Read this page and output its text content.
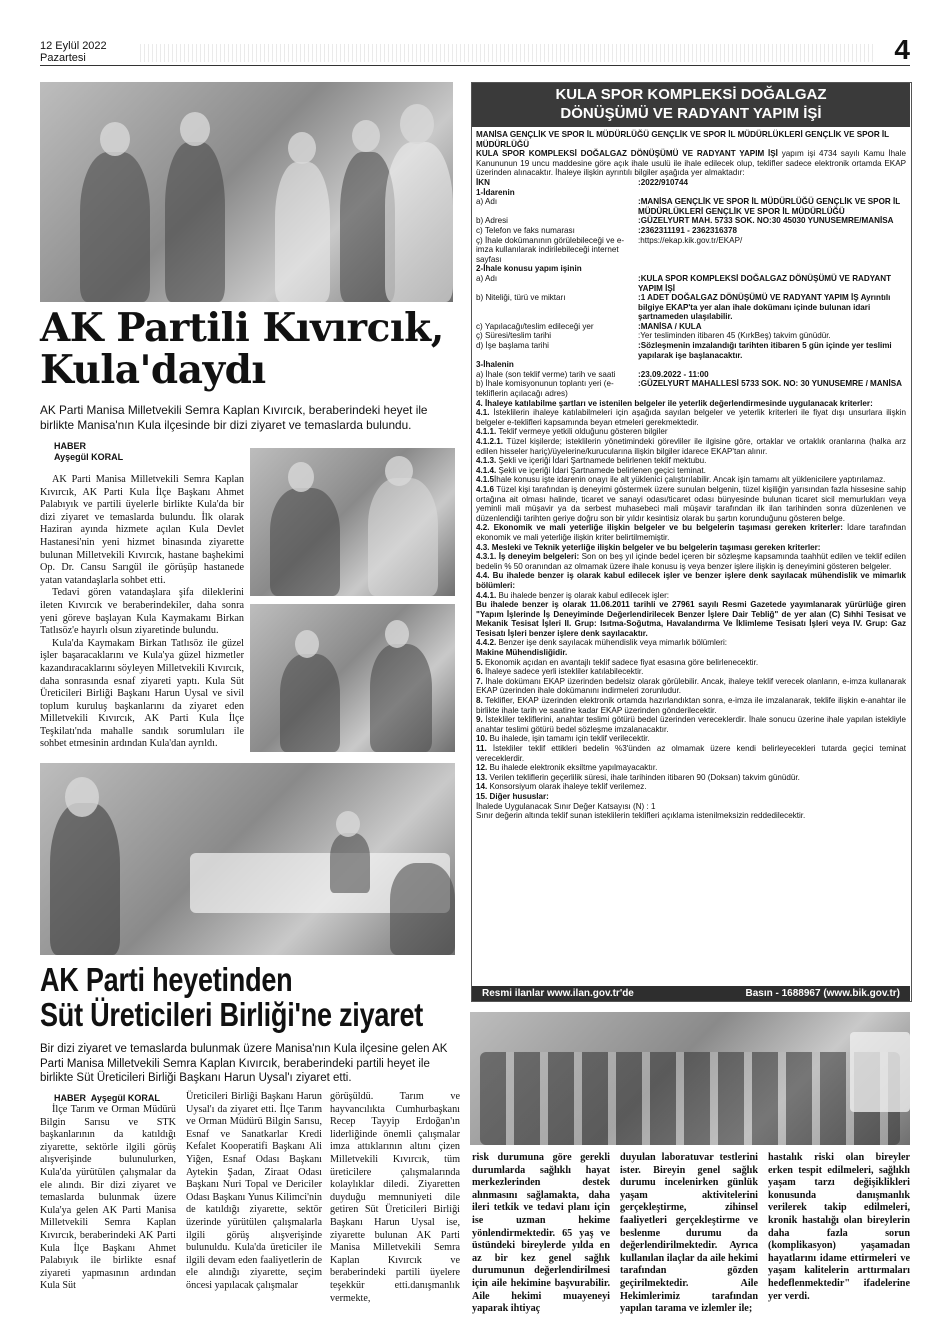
12 Eylül 2022
Pazartesi	4
AK Partili Kıvırcık,
Kula'daydı
AK Parti Manisa Milletvekili Semra Kaplan Kıvırcık, beraberindeki heyet ile birlikte Manisa'nın Kula ilçesinde bir dizi ziyaret ve temaslarda bulundu.
HABER
Ayşegül KORAL

AK Parti Manisa Milletvekili Semra Kaplan Kıvırcık, AK Parti Kula İlçe Başkanı Ahmet Palabıyık ve partili üyelerle birlikte Kula'da bir dizi ziyaret ve temaslarda bulundu. İlk olarak Haziran ayında hizmete açılan Kula Devlet Hastanesi'nin yeni hizmet binasında ziyarette bulunan Milletvekili Kıvırcık, hastane başhekimi Op. Dr. Cansu Sarıgül ile görüşüp hastanede yatan vatandaşlarla sohbet etti.

Tedavi gören vatandaşlara şifa dileklerini ileten Kıvırcık ve beraberindekiler, daha sonra yeni göreve başlayan Kula Kaymakamı Birkan Tatlısöz'e hayırlı olsun ziyaretinde bulundu.

Kula'da Kaymakam Birkan Tatlısöz ile güzel işler başaracaklarını ve Kula'ya güzel hizmetler kazandıracaklarını söyleyen Milletvekili Kıvırcık, daha sonrasında esnaf ziyareti yaptı. Kula Süt Üreticileri Birliği Başkanı Harun Uysal ve sivil toplum kuruluş başkanlarını da ziyaret eden Milletvekili Kıvırcık, AK Parti Kula İlçe Teşkilatı'nda mahalle sandık sorumluları ile sohbet etmesinin ardından Kula'dan ayrıldı.

AK Parti heyetinden
Süt Üreticileri Birliği'ne ziyaret
Bir dizi ziyaret ve temaslarda bulunmak üzere Manisa'nın Kula ilçesine gelen AK Parti Manisa Milletvekili Semra Kaplan Kıvırcık, beraberindeki partili heyet ile birlikte Süt Üreticileri Birliği Başkanı Harun Uysal'ı ziyaret etti.
HABER Ayşegül KORAL
İlçe Tarım ve Orman Müdürü Bilgin Sarısu ve STK başkanlarının da katıldığı ziyarette, sektörle ilgili görüş alışverişinde bulunulurken, Kula'da yürütülen çalışmalar da ele alındı. Bir dizi ziyaret ve temaslarda bulunmak üzere Kula'ya gelen AK Parti Manisa Milletvekili Semra Kaplan Kıvırcık, beraberindeki AK Parti Kula İlçe Başkanı Ahmet Palabıyık ile birlikte esnaf ziyareti yapmasının ardından Kula Süt
Üreticileri Birliği Başkanı Harun Uysal'ı da ziyaret etti. İlçe Tarım ve Orman Müdürü Bilgin Sarısu, Esnaf ve Sanatkarlar Kredi Kefalet Kooperatifi Başkanı Ali Yiğen, Esnaf Odası Başkanı Aytekin Şadan, Ziraat Odası Başkanı Nuri Topal ve Dericiler Odası Başkanı Yunus Kilimci'nin de katıldığı ziyarette, sektör üzerinde yürütülen çalışmalarla ilgili görüş alışverişinde bulunuldu. Kula'da üreticiler ile ilgili devam eden faaliyetlerin de ele alındığı ziyarette, seçim öncesi yapılacak çalışmalar
görüşüldü. Tarım ve hayvancılıkta Cumhurbaşkanı Recep Tayyip Erdoğan'ın liderliğinde önemli çalışmalar imza attıklarının altını çizen Milletvekili Kıvırcık, tüm üreticilere çalışmalarında kolaylıklar diledi. Ziyaretten duyduğu memnuniyeti dile getiren Süt Üreticileri Birliği Başkanı Harun Uysal ise, ziyarette bulunan AK Parti Manisa Milletvekili Semra Kaplan Kıvırcık ve beraberindeki partili üyelere teşekkür etti.danışmanlık vermekte,
KULA SPOR KOMPLEKSİ DOĞALGAZ
DÖNÜŞÜMÜ VE RADYANT YAPIM İŞİ
MANİSA GENÇLİK VE SPOR İL MÜDÜRLÜĞÜ GENÇLİK VE SPOR İL MÜDÜRLÜKLERİ GENÇLİK VE SPOR İL MÜDÜRLÜĞÜ
KULA SPOR KOMPLEKSİ DOĞALGAZ DÖNÜŞÜMÜ VE RADYANT YAPIM İŞİ yapım işi 4734 sayılı Kamu İhale Kanununun 19 uncu maddesine göre açık ihale usulü ile ihale edilecek olup, teklifler sadece elektronik ortamda EKAP üzerinden alınacaktır. İhaleye ilişkin ayrıntılı bilgiler aşağıda yer almaktadır:
İKN	:2022/910744
1-İdarenin
a) Adı	:MANİSA GENÇLİK VE SPOR İL MÜDÜRLÜĞÜ GENÇLİK VE SPOR İL MÜDÜRLÜKLERİ GENÇLİK VE SPOR İL MÜDÜRLÜĞÜ
b) Adresi	:GÜZELYURT MAH. 5733 SOK. NO:30 45030 YUNUSEMRE/MANİSA
c) Telefon ve faks numarası	:2362311191 - 2362316378
ç) İhale dokümanının görülebileceği ve e-imza kullanılarak indirilebileceği internet sayfası
:https://ekap.kik.gov.tr/EKAP/
2-İhale konusu yapım işinin
a) Adı	:KULA SPOR KOMPLEKSİ DOĞALGAZ DÖNÜŞÜMÜ VE RADYANT YAPIM İŞİ
b) Niteliği, türü ve miktarı	:1 ADET DOĞALGAZ DÖNÜŞÜMÜ VE RADYANT YAPIM İŞ Ayrıntılı bilgiye EKAP'ta yer alan ihale dokümanı içinde bulunan idari şartnameden ulaşılabilir.
c) Yapılacağı/teslim edileceği yer	:MANİSA / KULA
ç) Süresi/teslim tarihi	:Yer tesliminden itibaren 45 (KırkBeş) takvim günüdür.
d) İşe başlama tarihi	:Sözleşmenin imzalandığı tarihten itibaren 5 gün içinde yer teslimi yapılarak işe başlanacaktır.
3-İhalenin
a) İhale (son teklif verme) tarih ve saati	:23.09.2022 - 11:00
b) İhale komisyonunun toplantı yeri (e-tekliflerin açılacağı adres)
:GÜZELYURT MAHALLESİ 5733 SOK. NO: 30 YUNUSEMRE / MANİSA
4. İhaleye katılabilme şartları ve istenilen belgeler ile yeterlik değerlendirmesinde uygulanacak kriterler:
4.1. İsteklilerin ihaleye katılabilmeleri için aşağıda sayılan belgeler ve yeterlik kriterleri ile fiyat dışı unsurlara ilişkin belgeler e-teklifleri kapsamında beyan etmeleri gerekmektedir.
4.1.1. Teklif vermeye yetkili olduğunu gösteren bilgiler
4.1.2.1. Tüzel kişilerde; isteklilerin yönetimindeki görevliler ile ilgisine göre, ortaklar ve ortaklık oranlarına (halka arz edilen hisseler hariç)/üyelerine/kurucularına ilişkin bilgiler idarece EKAP'tan alınır.
4.1.3. Şekli ve içeriği İdari Şartnamede belirlenen teklif mektubu.
4.1.4. Şekli ve içeriği İdari Şartnamede belirlenen geçici teminat.
4.1.5İhale konusu işte idarenin onayı ile alt yüklenici çalıştırılabilir. Ancak işin tamamı alt yüklenicilere yaptırılamaz.
4.1.6 Tüzel kişi tarafından iş deneyimi göstermek üzere sunulan belgenin, tüzel kişiliğin yarısından fazla hissesine sahip ortağına ait olması halinde, ticaret ve sanayi odası/ticaret odası bünyesinde bulunan ticaret sicil memurlukları veya yeminli mali müşavir ya da serbest muhasebeci mali müşavir tarafından ilk ilan tarihinden sonra düzenlenen ve düzenlendiği tarihten geriye doğru son bir yıldır kesintisiz olarak bu şartın korunduğunu gösteren belge.
4.2. Ekonomik ve mali yeterliğe ilişkin belgeler ve bu belgelerin taşıması gereken kriterler: İdare tarafından ekonomik ve mali yeterliğe ilişkin kriter belirtilmemiştir.
4.3. Mesleki ve Teknik yeterliğe ilişkin belgeler ve bu belgelerin taşıması gereken kriterler:
4.3.1. İş deneyim belgeleri: Son on beş yıl içinde bedel içeren bir sözleşme kapsamında taahhüt edilen ve teklif edilen bedelin % 50 oranından az olmamak üzere ihale konusu iş veya benzer işlere ilişkin iş deneyimini gösteren belgeler.
4.4. Bu ihalede benzer iş olarak kabul edilecek işler ve benzer işlere denk sayılacak mühendislik ve mimarlık bölümleri:
4.4.1. Bu ihalede benzer iş olarak kabul edilecek işler:
Bu ihalede benzer iş olarak 11.06.2011 tarihli ve 27961 sayılı Resmi Gazetede yayımlanarak yürürlüğe giren "Yapım İşlerinde İş Deneyiminde Değerlendirilecek Benzer İşlere Dair Tebliğ" de yer alan (C) Sıhhi Tesisat ve Mekanik Tesisat İşleri II. Grup: Isıtma-Soğutma, Havalandırma Ve İklimleme Tesisatı İşleri veya IV. Grup: Gaz Tesisatı İşleri benzer işlere denk sayılacaktır.
4.4.2. Benzer işe denk sayılacak mühendislik veya mimarlık bölümleri:
Makine Mühendisliğidir.
5. Ekonomik açıdan en avantajlı teklif sadece fiyat esasına göre belirlenecektir.
6. İhaleye sadece yerli istekliler katılabilecektir.
7. İhale dokümanı EKAP üzerinden bedelsiz olarak görülebilir. Ancak, ihaleye teklif verecek olanların, e-imza kullanarak EKAP üzerinden ihale dokümanını indirmeleri zorunludur.
8. Teklifler, EKAP üzerinden elektronik ortamda hazırlandıktan sonra, e-imza ile imzalanarak, teklife ilişkin e-anahtar ile birlikte ihale tarih ve saatine kadar EKAP üzerinden gönderilecektir.
9. İstekliler tekliflerini, anahtar teslimi götürü bedel üzerinden vereceklerdir. İhale sonucu üzerine ihale yapılan istekliyle anahtar teslimi götürü bedel sözleşme imzalanacaktır.
10. Bu ihalede, işin tamamı için teklif verilecektir.
11. İstekliler teklif ettikleri bedelin %3'ünden az olmamak üzere kendi belirleyecekleri tutarda geçici teminat vereceklerdir.
12. Bu ihalede elektronik eksiltme yapılmayacaktır.
13. Verilen tekliflerin geçerlilik süresi, ihale tarihinden itibaren 90 (Doksan) takvim günüdür.
14. Konsorsiyum olarak ihaleye teklif verilemez.
15. Diğer hususlar:
İhalede Uygulanacak Sınır Değer Katsayısı (N) : 1
Sınır değerin altında teklif sunan isteklilerin teklifleri açıklama istenilmeksizin reddedilecektir.
Resmi ilanlar www.ilan.gov.tr'de	Basın - 1688967 (www.bik.gov.tr)
risk durumuna göre gerekli durumlarda sağlıklı hayat merkezlerinden destek alınmasını sağlamakta, daha ileri tetkik ve tedavi planı için ise uzman hekime yönlendirmektedir. 65 yaş ve üstündeki bireylerde yılda en az bir kez genel sağlık durumunun değerlendirilmesi için aile hekimine başvurabilir. Aile hekimi muayeneyi yaparak ihtiyaç
duyulan laboratuvar testlerini ister. Bireyin genel sağlık durumu incelenirken günlük yaşam aktivitelerini gerçekleştirme, zihinsel faaliyetleri gerçekleştirme ve beslenme durumu da değerlendirilmektedir. Ayrıca kullanılan ilaçlar da aile hekimi tarafından gözden geçirilmektedir. Aile Hekimlerimiz tarafından yapılan tarama ve izlemler ile;
hastalık riski olan bireyler erken tespit edilmeleri, sağlıklı yaşam tarzı değişiklikleri konusunda danışmanlık verilerek takip edilmeleri, kronik hastalığı olan bireylerin daha fazla sorun (komplikasyon) yaşamadan hayatlarını idame ettirmeleri ve yaşam kalitelerin arttırmaları hedeflenmektedir" ifadelerine yer verdi.
